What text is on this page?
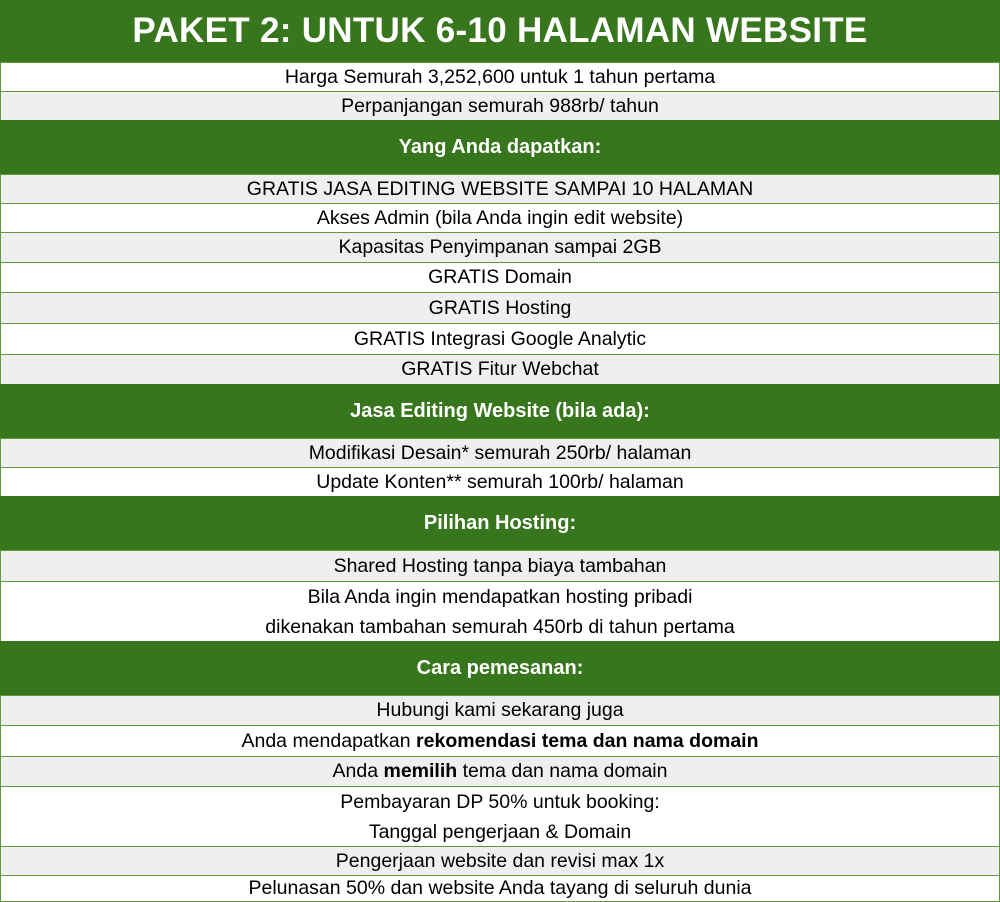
PAKET 2: UNTUK 6-10 HALAMAN WEBSITE
Harga Semurah 3,252,600 untuk 1 tahun pertama
Perpanjangan semurah 988rb/ tahun
Yang Anda dapatkan:
GRATIS JASA EDITING WEBSITE SAMPAI 10 HALAMAN
Akses Admin (bila Anda ingin edit website)
Kapasitas Penyimpanan sampai 2GB
GRATIS Domain
GRATIS Hosting
GRATIS Integrasi Google Analytic
GRATIS Fitur Webchat
Jasa Editing Website (bila ada):
Modifikasi Desain* semurah 250rb/ halaman
Update Konten** semurah 100rb/ halaman
Pilihan Hosting:
Shared Hosting tanpa biaya tambahan
Bila Anda ingin mendapatkan hosting pribadi
dikenakan tambahan semurah 450rb di tahun pertama
Cara pemesanan:
Hubungi kami sekarang juga
Anda mendapatkan rekomendasi tema dan nama domain
Anda memilih tema dan nama domain
Pembayaran DP 50% untuk booking:
Tanggal pengerjaan & Domain
Pengerjaan website dan revisi max 1x
Pelunasan 50% dan website Anda tayang di seluruh dunia
